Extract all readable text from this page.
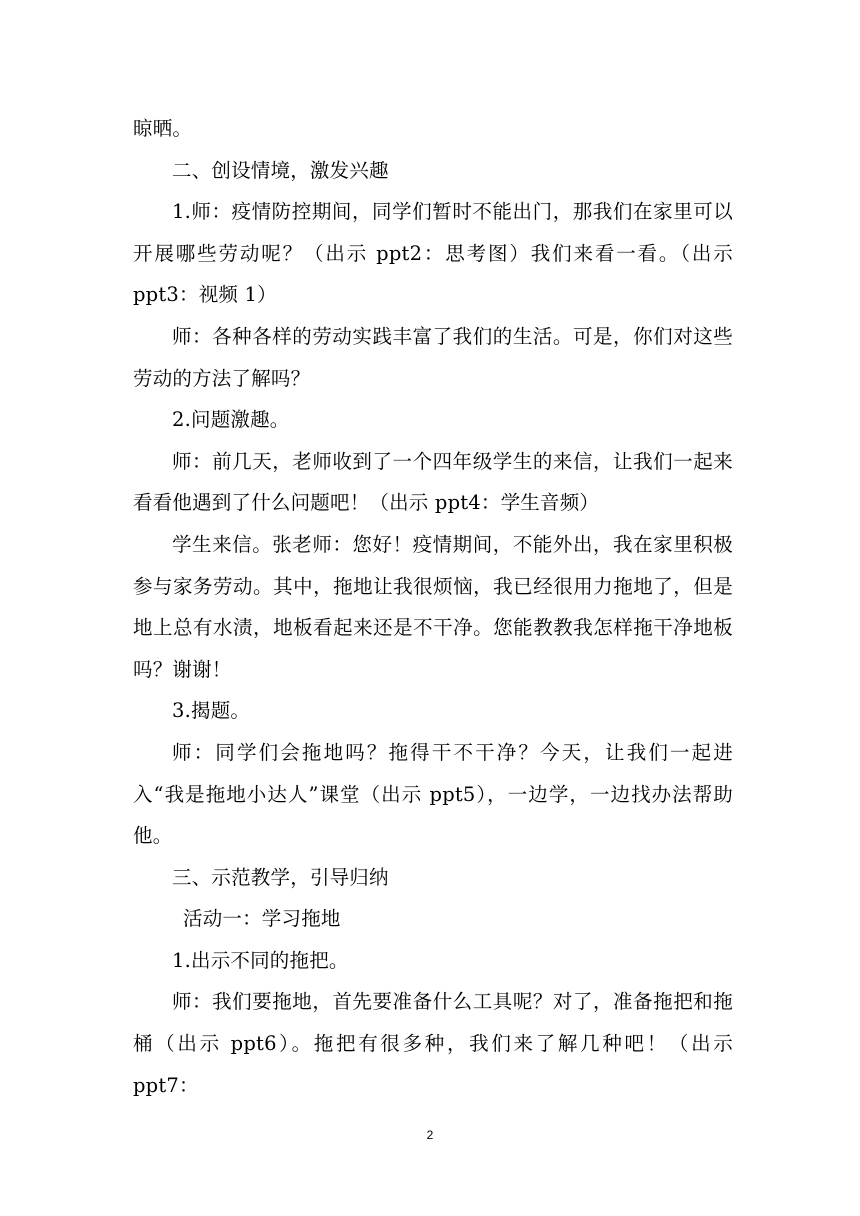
晾晒。

二、创设情境，激发兴趣

1.师：疫情防控期间，同学们暂时不能出门，那我们在家里可以开展哪些劳动呢？（出示 ppt2：思考图）我们来看一看。（出示 ppt3：视频 1）

师：各种各样的劳动实践丰富了我们的生活。可是，你们对这些劳动的方法了解吗？

2.问题激趣。

师：前几天，老师收到了一个四年级学生的来信，让我们一起来看看他遇到了什么问题吧！（出示 ppt4：学生音频）

学生来信。张老师：您好！疫情期间，不能外出，我在家里积极参与家务劳动。其中，拖地让我很烦恼，我已经很用力拖地了，但是地上总有水渍，地板看起来还是不干净。您能教教我怎样拖干净地板吗？谢谢！

3.揭题。

师：同学们会拖地吗？拖得干不干净？今天，让我们一起进入“我是拖地小达人”课堂（出示 ppt5），一边学，一边找办法帮助他。

三、示范教学，引导归纳

活动一：学习拖地

1.出示不同的拖把。

师：我们要拖地，首先要准备什么工具呢？对了，准备拖把和拖桶（出示 ppt6）。拖把有很多种，我们来了解几种吧！（出示 ppt7：

2
